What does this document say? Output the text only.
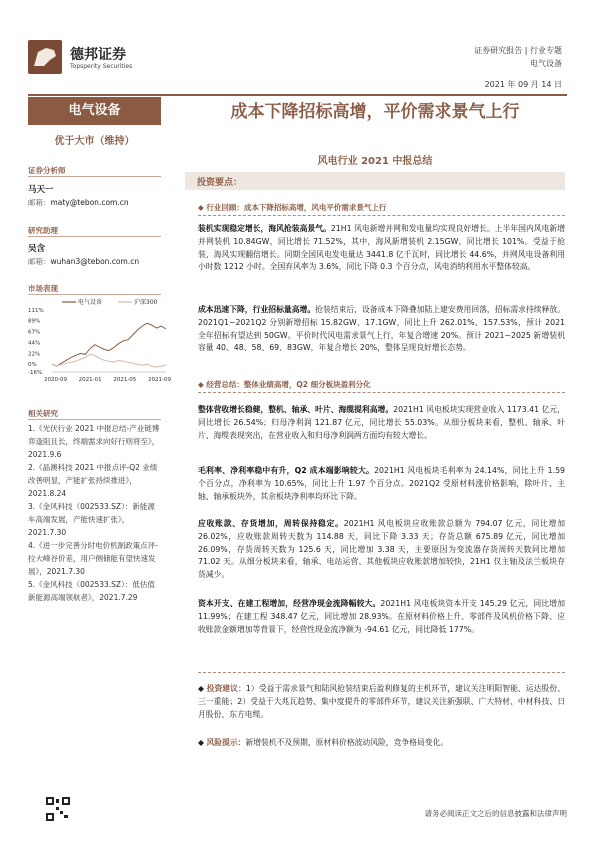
德邦证券
Topsperity Securities
证券研究报告 | 行业专题
电气设备
2021 年 09 月 14 日
电气设备
优于大市（维持）
证券分析师
马天一
邮箱：maty@tebon.com.cn
研究助理
吴含
邮箱：wuhan3@tebon.com.cn
市场表现
电气设备	沪深300
111%
89%
67%
44%
22%
0%
-16%
2020-09 2021-01 2021-05 2021-09
相关研究

1.《光伏行业 2021 中报总结-产业链博弈逢阻且长，终端需求向好行则将至》，2021.9.6

2.《晶澳科技 2021 中报点评-Q2 业绩改善明显，产能扩张持续推进》，2021.8.24

3.《金风科技（002533.SZ）：新能源车高端发展，产能快速扩张》，2021.7.30

4.《进一步完善分时电价机制政策点评-拉大峰谷价差，用户侧储能有望快速发展》，2021.7.30

5.《金风科技（002533.SZ）：低估值新能源高端领航者》，2021.7.29

成本下降招标高增，平价需求景气上行
风电行业 2021 中报总结
投资要点：
◆ 行业回顾：成本下降招标高增，风电平价需求景气上行
装机实现稳定增长，海风抢装高景气。21H1 风电新增并网和发电量均实现良好增长。上半年国内风电新增并网装机 10.84GW，同比增长 71.52%，其中，海风新增装机 2.15GW，同比增长 101%。受益于抢装，海风实现翻倍增长。同期全国风电发电量达 3441.8 亿千瓦时，同比增长 44.6%，并网风电设备利用小时数 1212 小时。全国弃风率为 3.6%，同比下降 0.3 个百分点，风电消纳利用水平整体较高。
成本迅速下降，行业招标量高增。抢装结束后，设备成本下降叠加陆上建安费用回落，招标需求持续释放。2021Q1~2021Q2 分别新增招标 15.82GW、17.1GW，同比上升 262.01%、157.53%，预计 2021 全年招标有望达到 50GW。平价时代风电需求景气上行，年复合增速 20%。预计 2021~2025 新增装机容量 40、48、58、69、83GW，年复合增长 20%，整体呈现良好增长态势。
◆ 经营总结：整体业绩高增，Q2 细分板块盈利分化
整体营收增长稳健，整机、轴承、叶片、海缆提利高增。2021H1 风电板块实现营业收入 1173.41 亿元，同比增长 26.54%；归母净利润 121.87 亿元，同比增长 55.03%。从细分板块来看，整机、轴承、叶片、海缆表现突出，在营业收入和归母净利润两方面均有较大增长。
毛利率、净利率稳中有升，Q2 成本端影响较大。2021H1 风电板块毛利率为 24.14%，同比上升 1.59 个百分点，净利率为 10.65%，同比上升 1.97 个百分点。2021Q2 受原材料涨价格影响，除叶片、主轴、轴承板块外，其余板块净利率均环比下降。
应收账款、存货增加，周转保持稳定。2021H1 风电板块应收账款总额为 794.07 亿元，同比增加 26.02%，应收账款周转天数为 114.88 天，同比下降 3.33 天；存货总额 675.89 亿元，同比增加 26.09%，存货周转天数为 125.6 天，同比增加 3.38 天，主要原因为变流器存货周转天数同比增加 71.02 天。从细分板块来看，轴承、电站运营、其他板块应收账款增加较快，21H1 仅主轴及法兰板块存货减少。
资本开支、在建工程增加，经营净现金流降幅较大。2021H1 风电板块资本开支 145.29 亿元，同比增加 11.99%；在建工程 348.47 亿元，同比增加 28.93%。在原材料价格上升、零部件及风机价格下降、应收账款金额增加等背景下，经营性现金流净额为 -94.61 亿元，同比降低 177%。
◆ 投资建议：1）受益于需求景气和陆风抢装结束后盈利修复的主机环节，建议关注明阳智能、运达股份、三一重能；2）受益于大兆瓦趋势、集中度提升的零部件环节，建议关注新强联、广大特材、中材科技、日月股份、东方电缆。
◆ 风险提示：新增装机不及预期，原材料价格波动风险，竞争格局变化。
请务必阅读正文之后的信息披露和法律声明
